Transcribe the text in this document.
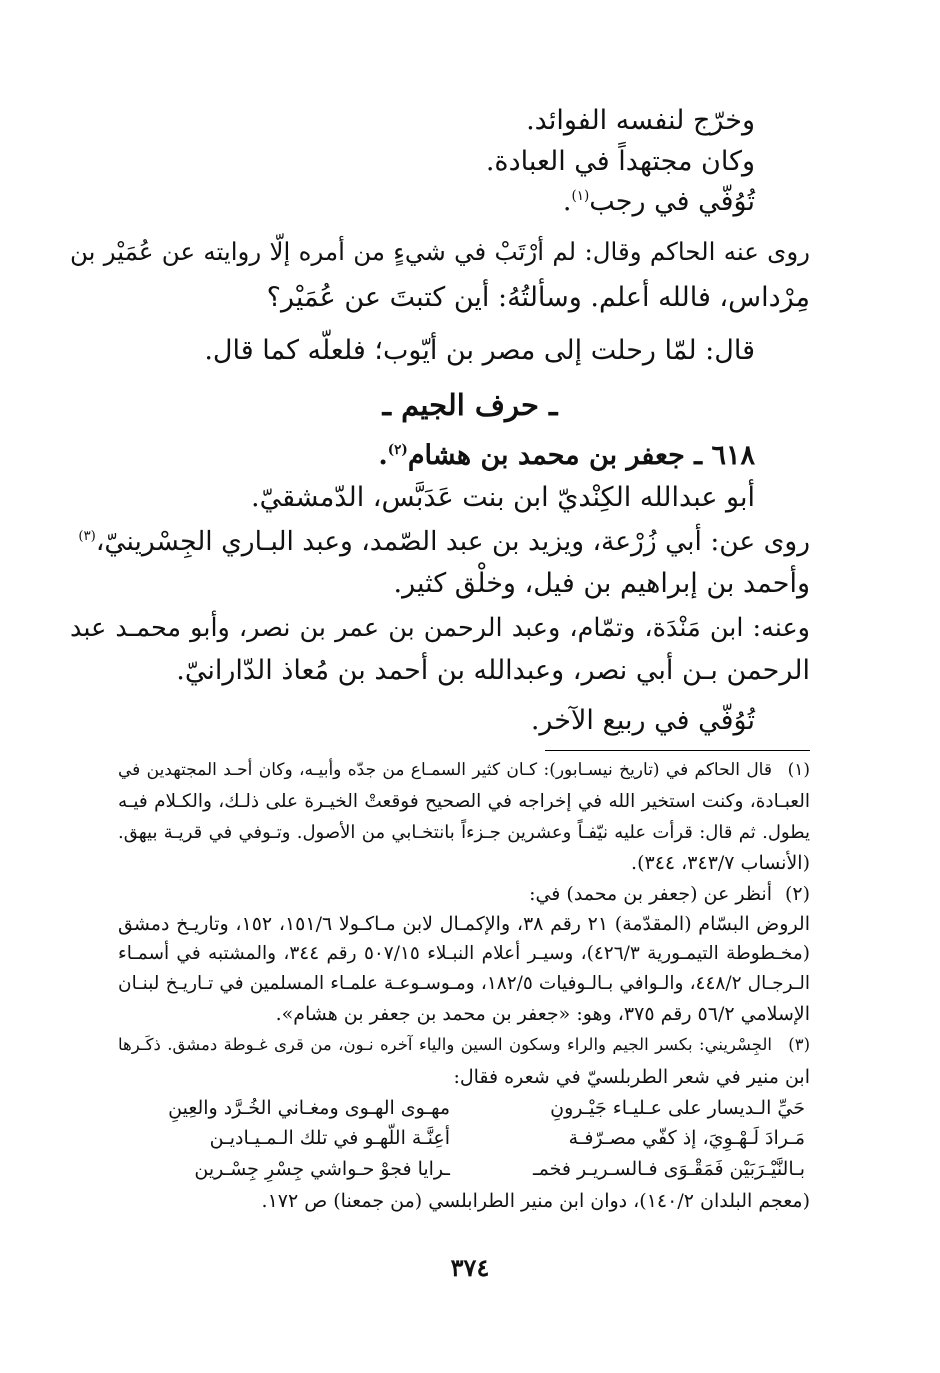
وخرّج لنفسه الفوائد.
وكان مجتهداً في العبادة.
تُوُفّي في رجب$^{(١)}$.
روى عنه الحاكم وقال: لم أرْتَبْ في شيءٍ من أمره إلّا روايته عن عُمَيْر بن
مِرْداس، فالله أعلم. وسألتُهُ: أين كتبتَ عن عُمَيْر؟
قال: لمّا رحلت إلى مصر بن أيّوب؛ فلعلّه كما قال.
ـ حرف الجيم ـ
٦١٨ ـ جعفر بن محمد بن هشام$^{(٢)}$.
أبو عبدالله الكِنْديّ ابن بنت عَدَبَّس، الدّمشقيّ.
روى عن: أبي زُرْعة، ويزيد بن عبد الصّمد، وعبد البـاري الجِسْرينيّ،$^{(٣)}$
وأحمد بن إبراهيم بن فيل، وخلْق كثير.
وعنه: ابن مَنْدَة، وتمّام، وعبد الرحمن بن عمر بن نصر، وأبو محمـد عبد
الرحمن بـن أبي نصر، وعبدالله بن أحمد بن مُعاذ الدّارانيّ.
تُوُفّي في ربيع الآخر.
(١)قال الحاكم في (تاريخ نيسـابور): كـان كثير السمـاع من جدّه وأبيـه، وكان أحـد المجتهدين في
العبـادة، وكنت استخير الله في إخراجه في الصحيح فوقعتْ الخيـرة على ذلـك، والكـلام فيـه
يطول. ثم قال: قرأت عليه نيّفـاً وعشرين جـزءاً بانتخـابي من الأصول. وتـوفي في قريـة بيهق.
(الأنساب ٣٤٣/٧، ٣٤٤).
(٢)أنظر عن (جعفر بن محمد) في:
الروض البسّام (المقدّمة) ٢١ رقم ٣٨، والإكمـال لابن مـاكـولا ١٥١/٦، ١٥٢، وتاريـخ دمشق
(مخـطوطة التيمـورية ٤٢٦/٣)، وسيـر أعلام النبـلاء ٥٠٧/١٥ رقم ٣٤٤، والمشتبه في أسمـاء
الـرجـال ٤٤٨/٢، والـوافي بـالـوفيات ١٨٢/٥، ومـوسـوعـة علمـاء المسلمين في تـاريـخ لبنـان
الإسلامي ٥٦/٢ رقم ٣٧٥، وهو: «جعفر بن محمد بن جعفر بن هشام».
(٣)الجِسْريني: بكسر الجيم والراء وسكون السين والياء آخره نـون، من قرى غـوطة دمشق. ذكَـرها
ابن منير في شعر الطربلسيّ في شعره فقال:
حَيِّ الـديسار على عـليـاء جَيْـرونِ
مهـوى الهـوى ومغـاني الخُـرَّد والعِينِ
مَـرادَ لَـهْـوِيَ، إذ كفّي مصـرّفـة
أعِنَّـة اللّهـو في تلك الـمـيـاديـن
بـالنَّيْـرَبَيْن فَمَقْـوَى فـالسـريـر فخمـ
ـرايا فجوْ حـواشي جِسْرِ جِسْـرين
(معجم البلدان ١٤٠/٢)، دوان ابن منير الطرابلسي (من جمعنا) ص ١٧٢.
٣٧٤
